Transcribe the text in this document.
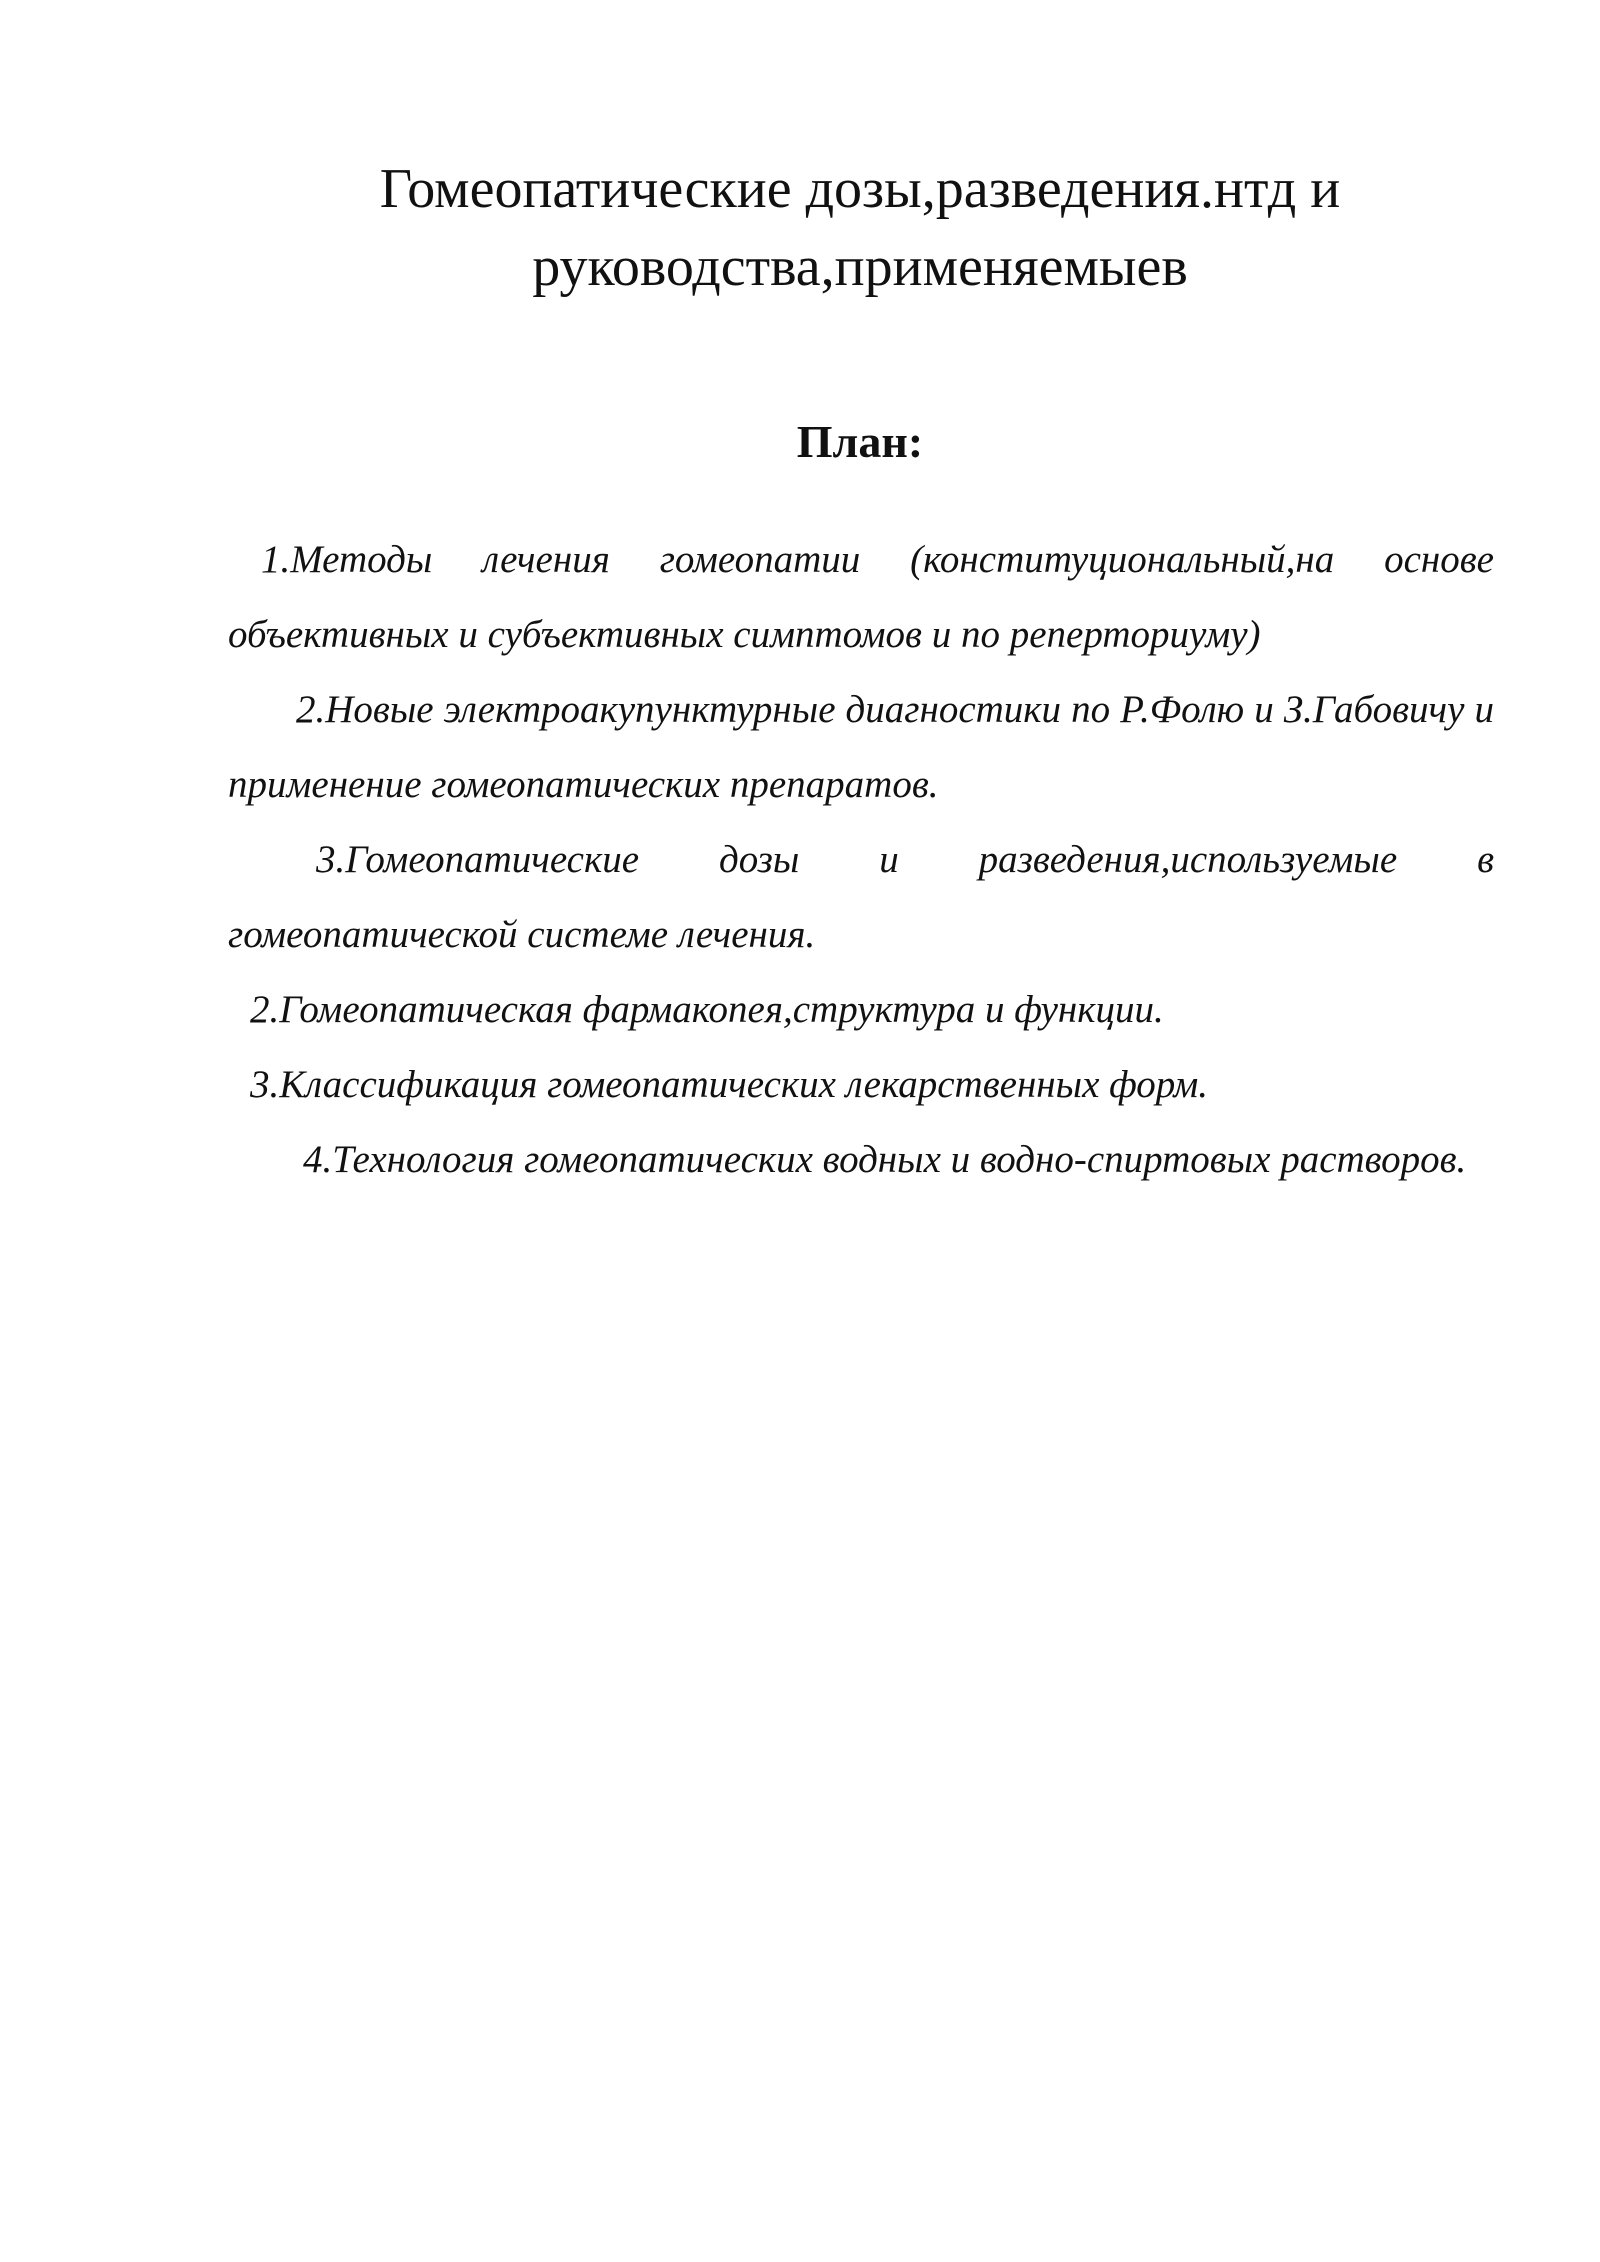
Гомеопатические дозы,разведения.нтд и
руководства,применяемыев
План:
1.Методы лечения гомеопатии (конституциональный,на основе объективных и субъективных симптомов и по реперториуму)
2.Новые электроакупунктурные диагностики по Р.Фолю и З.Габовичу и применение гомеопатических препаратов.
3.Гомеопатические дозы и разведения,используемые в гомеопатической системе лечения.
2.Гомеопатическая фармакопея,структура и функции.
3.Классификация гомеопатических лекарственных форм.
4.Технология гомеопатических водных и водно-спиртовых растворов.
